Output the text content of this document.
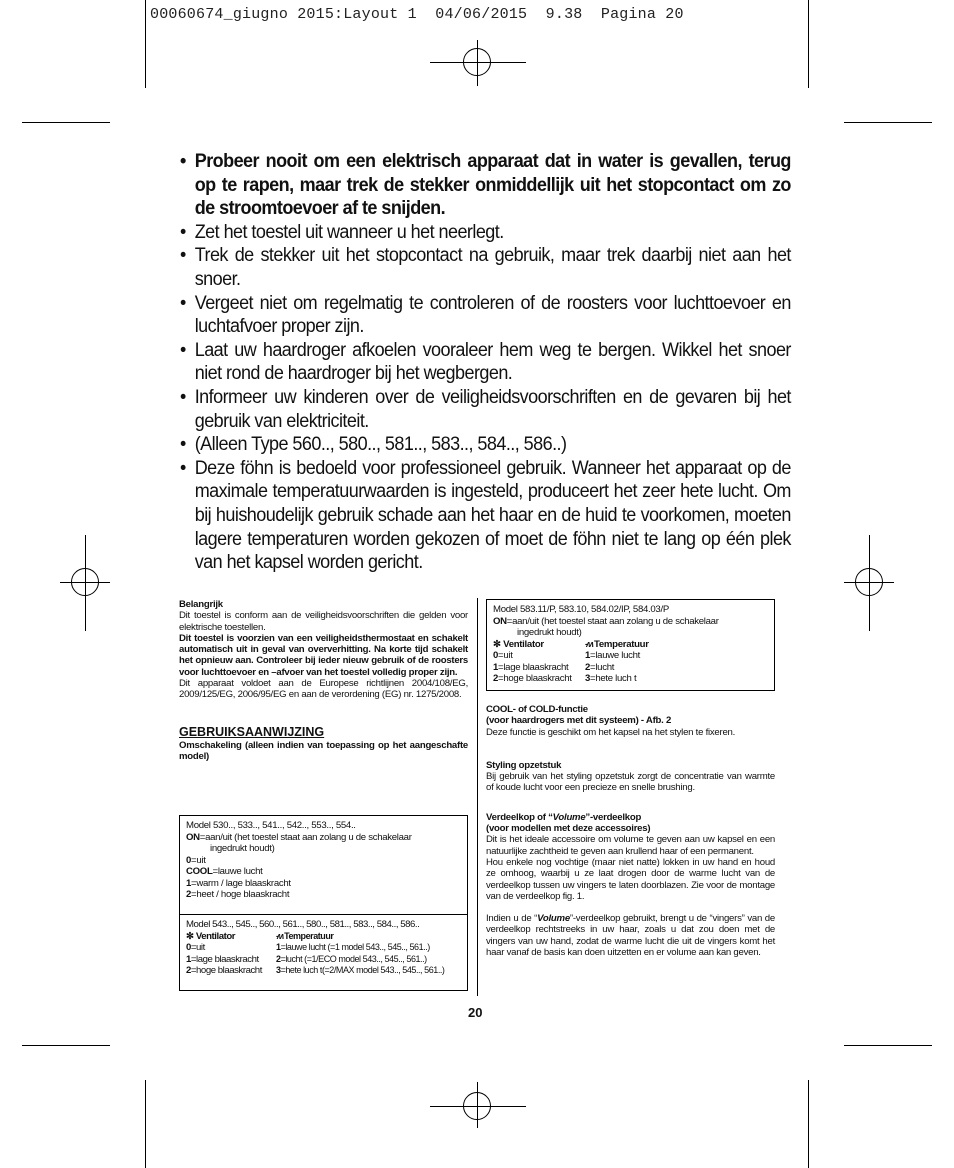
00060674_giugno 2015:Layout 1  04/06/2015  9.38  Pagina 20

• Probeer nooit om een elektrisch apparaat dat in water is gevallen, terug op te rapen, maar trek de stekker onmiddellijk uit het stopcontact om zo de stroomtoevoer af te snijden.

• Zet het toestel uit wanneer u het neerlegt.

• Trek de stekker uit het stopcontact na gebruik, maar trek daarbij niet aan het snoer.

• Vergeet niet om regelmatig te controleren of de roosters voor luchttoevoer en luchtafvoer proper zijn.

• Laat uw haardroger afkoelen vooraleer hem weg te bergen. Wikkel het snoer niet rond de haardroger bij het wegbergen.

• Informeer uw kinderen over de veiligheidsvoorschriften en de gevaren bij het gebruik van elektriciteit.

• (Alleen Type 560.., 580.., 581.., 583.., 584.., 586..)

• Deze föhn is bedoeld voor professioneel gebruik. Wanneer het apparaat op de maximale temperatuurwaarden is ingesteld, produceert het zeer hete lucht. Om bij huishoudelijk gebruik schade aan het haar en de huid te voorkomen, moeten lagere temperaturen worden gekozen of moet de föhn niet te lang op één plek van het kapsel worden gericht.

Belangrijk

Dit toestel is conform aan de veiligheidsvoorschriften die gelden voor elektrische toestellen.

Dit toestel is voorzien van een veiligheidsthermostaat en schakelt automatisch uit in geval van oververhitting. Na korte tijd schakelt het opnieuw aan. Controleer bij ieder nieuw gebruik of de roosters voor luchttoevoer en –afvoer van het toestel volledig proper zijn.

Dit apparaat voldoet aan de Europese richtlijnen 2004/108/EG, 2009/125/EG, 2006/95/EG en aan de verordening (EG) nr. 1275/2008.

GEBRUIKSAANWIJZING

Omschakeling (alleen indien van toepassing op het aangeschafte model)

Model 530.., 533.., 541.., 542.., 553.., 554..
ON=aan/uit (het toestel staat aan zolang u de schakelaar
ingedrukt houdt)
0=uit
COOL=lauwe lucht
1=warm / lage blaaskracht
2=heet / hoge blaaskracht
Model 543.., 545.., 560.., 561.., 580.., 581.., 583.., 584.., 586..
✻ Ventilator
0=uit
1=lage blaaskracht
2=hoge blaaskracht
-ʍ Temperatuur
1=lauwe lucht (=1 model 543.., 545.., 561..)
2=lucht (=1/ECO model 543.., 545.., 561..)
3=hete luch t(=2/MAX model 543.., 545.., 561..)
Model 583.11/P, 583.10, 584.02/IP, 584.03/P
ON=aan/uit (het toestel staat aan zolang u de schakelaar
ingedrukt houdt)
✻ Ventilator
0=uit
1=lage blaaskracht
2=hoge blaaskracht
-ʍ Temperatuur
1=lauwe lucht
2=lucht
3=hete luch t

COOL- of COLD-functie

(voor haardrogers met dit systeem) - Afb. 2

Deze functie is geschikt om het kapsel na het stylen te fixeren.

Styling opzetstuk

Bij gebruik van het styling opzetstuk zorgt de concentratie van warmte of koude lucht voor een precieze en snelle brushing.

Verdeelkop of “Volume”-verdeelkop

(voor modellen met deze accessoires)

Dit is het ideale accessoire om volume te geven aan uw kapsel en een natuurlijke zachtheid te geven aan krullend haar of een permanent.

Hou enkele nog vochtige (maar niet natte) lokken in uw hand en houd ze omhoog, waarbij u ze laat drogen door de warme lucht van de verdeelkop tussen uw vingers te laten doorblazen. Zie voor de montage van de verdeelkop fig. 1.

Indien u de “Volume”-verdeelkop gebruikt, brengt u de “vingers” van de verdeelkop rechtstreeks in uw haar, zoals u dat zou doen met de vingers van uw hand, zodat de warme lucht die uit de vingers komt het haar vanaf de basis kan doen uitzetten en er volume aan kan geven.

20
